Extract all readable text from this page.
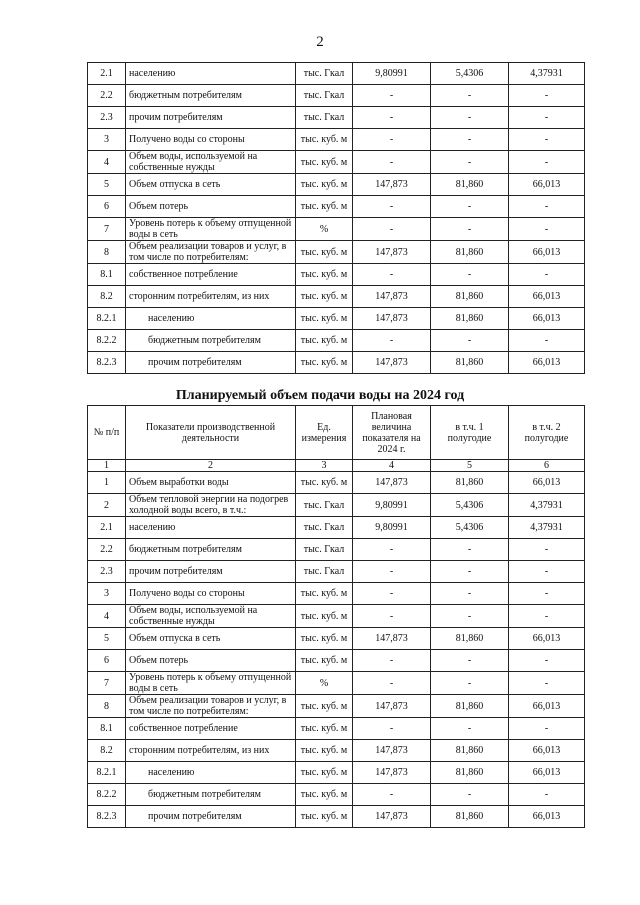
2
2.1	населению	тыс. Гкал	9,80991	5,4306	4,37931
2.2	бюджетным потребителям	тыс. Гкал	-	-	-
2.3	прочим потребителям	тыс. Гкал	-	-	-
3	Получено воды со стороны	тыс. куб. м	-	-	-
4	Объем воды, используемой на собственные нужды	тыс. куб. м	-	-	-
5	Объем отпуска в сеть	тыс. куб. м	147,873	81,860	66,013
6	Объем потерь	тыс. куб. м	-	-	-
7	Уровень потерь к объему отпущенной воды в сеть	%	-	-	-
8	Объем реализации товаров и услуг, в том числе по потребителям:	тыс. куб. м	147,873	81,860	66,013
8.1	собственное потребление	тыс. куб. м	-	-	-
8.2	сторонним потребителям, из них	тыс. куб. м	147,873	81,860	66,013
8.2.1	населению	тыс. куб. м	147,873	81,860	66,013
8.2.2	бюджетным потребителям	тыс. куб. м	-	-	-
8.2.3	прочим потребителям	тыс. куб. м	147,873	81,860	66,013
Планируемый объем подачи воды на 2024 год
№ п/п	Показатели производственной деятельности	Ед. измерения	Плановая величина показателя на 2024 г.	в т.ч. 1 полугодие	в т.ч. 2 полугодие
1	2	3	4	5	6
1	Объем выработки воды	тыс. куб. м	147,873	81,860	66,013
2	Объем тепловой энергии на подогрев холодной воды всего, в т.ч.:	тыс. Гкал	9,80991	5,4306	4,37931
2.1	населению	тыс. Гкал	9,80991	5,4306	4,37931
2.2	бюджетным потребителям	тыс. Гкал	-	-	-
2.3	прочим потребителям	тыс. Гкал	-	-	-
3	Получено воды со стороны	тыс. куб. м	-	-	-
4	Объем воды, используемой на собственные нужды	тыс. куб. м	-	-	-
5	Объем отпуска в сеть	тыс. куб. м	147,873	81,860	66,013
6	Объем потерь	тыс. куб. м	-	-	-
7	Уровень потерь к объему отпущенной воды в сеть	%	-	-	-
8	Объем реализации товаров и услуг, в том числе по потребителям:	тыс. куб. м	147,873	81,860	66,013
8.1	собственное потребление	тыс. куб. м	-	-	-
8.2	сторонним потребителям, из них	тыс. куб. м	147,873	81,860	66,013
8.2.1	населению	тыс. куб. м	147,873	81,860	66,013
8.2.2	бюджетным потребителям	тыс. куб. м	-	-	-
8.2.3	прочим потребителям	тыс. куб. м	147,873	81,860	66,013
